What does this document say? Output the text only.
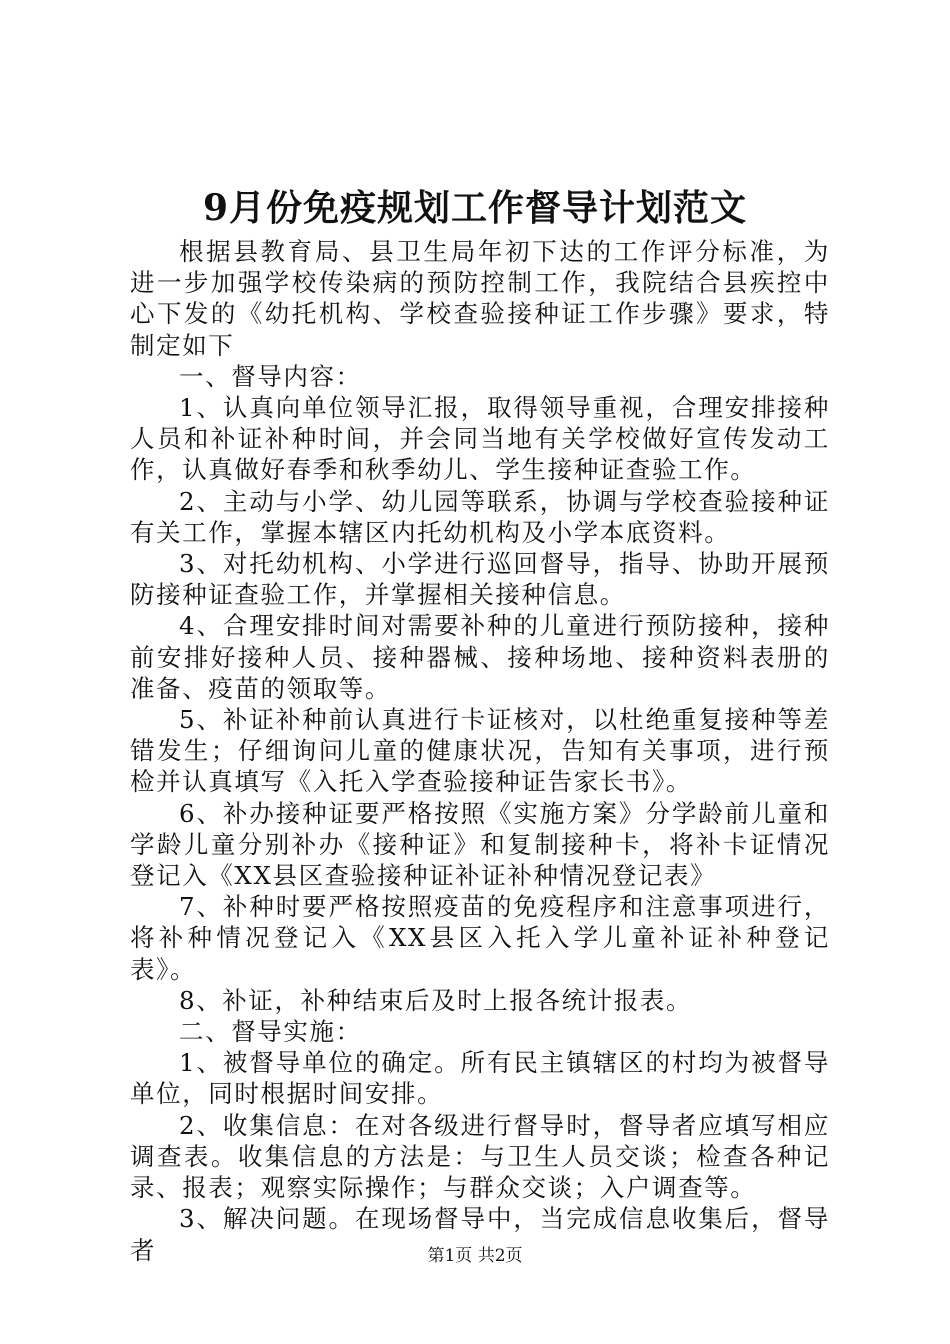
9月份免疫规划工作督导计划范文

根据县教育局、县卫生局年初下达的工作评分标准，为进一步加强学校传染病的预防控制工作，我院结合县疾控中心下发的《幼托机构、学校查验接种证工作步骤》要求，特制定如下

一、督导内容：

1、认真向单位领导汇报，取得领导重视，合理安排接种人员和补证补种时间，并会同当地有关学校做好宣传发动工作，认真做好春季和秋季幼儿、学生接种证查验工作。

2、主动与小学、幼儿园等联系，协调与学校查验接种证有关工作，掌握本辖区内托幼机构及小学本底资料。

3、对托幼机构、小学进行巡回督导，指导、协助开展预防接种证查验工作，并掌握相关接种信息。

4、合理安排时间对需要补种的儿童进行预防接种，接种前安排好接种人员、接种器械、接种场地、接种资料表册的准备、疫苗的领取等。

5、补证补种前认真进行卡证核对，以杜绝重复接种等差错发生；仔细询问儿童的健康状况，告知有关事项，进行预检并认真填写《入托入学查验接种证告家长书》。

6、补办接种证要严格按照《实施方案》分学龄前儿童和学龄儿童分别补办《接种证》和复制接种卡，将补卡证情况登记入《XX县区查验接种证补证补种情况登记表》

7、补种时要严格按照疫苗的免疫程序和注意事项进行，将补种情况登记入《XX县区入托入学儿童补证补种登记表》。

8、补证，补种结束后及时上报各统计报表。

二、督导实施：

1、被督导单位的确定。所有民主镇辖区的村均为被督导单位，同时根据时间安排。

2、收集信息：在对各级进行督导时，督导者应填写相应调查表。收集信息的方法是：与卫生人员交谈；检查各种记录、报表；观察实际操作；与群众交谈；入户调查等。

3、解决问题。在现场督导中，当完成信息收集后，督导者	第1页 共2页
